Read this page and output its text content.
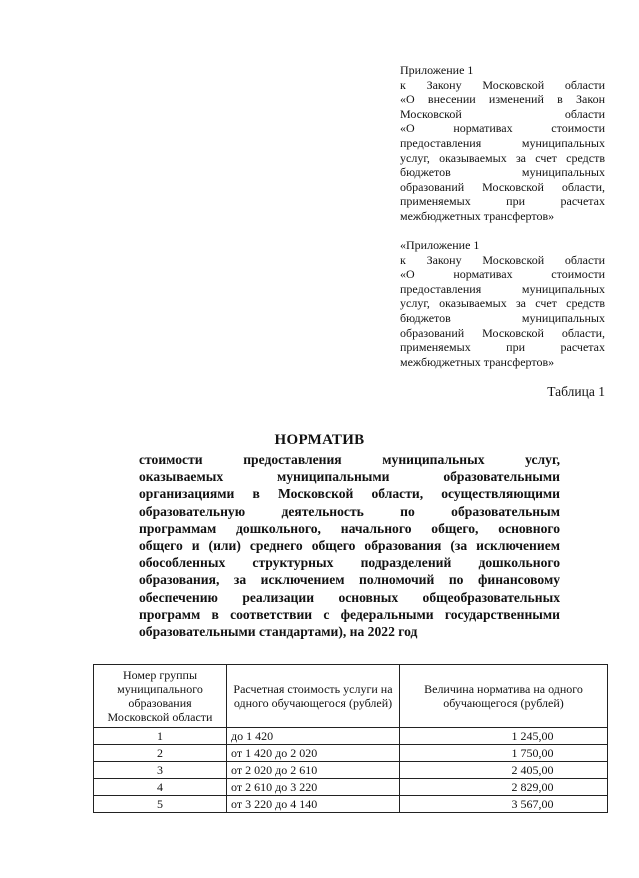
Приложение 1

к Закону Московской области

«О внесении изменений в Закон

Московской области

«О нормативах стоимости

предоставления муниципальных

услуг, оказываемых за счет средств

бюджетов муниципальных

образований Московской области,

применяемых при расчетах

межбюджетных трансфертов»

«Приложение 1

к Закону Московской области

«О нормативах стоимости

предоставления муниципальных

услуг, оказываемых за счет средств

бюджетов муниципальных

образований Московской области,

применяемых при расчетах

межбюджетных трансфертов»

Таблица 1
НОРМАТИВ

стоимости предоставления муниципальных услуг,

оказываемых муниципальными образовательными

организациями в Московской области, осуществляющими

образовательную деятельность по образовательным

программам дошкольного, начального общего, основного

общего и (или) среднего общего образования (за исключением

обособленных структурных подразделений дошкольного

образования, за исключением полномочий по финансовому

обеспечению реализации основных общеобразовательных

программ в соответствии с федеральными государственными

образовательными стандартами), на 2022 год

Номер группы муниципального образования Московской области	Расчетная стоимость услуги на одного обучающегося (рублей)	Величина норматива на одного обучающегося (рублей)
1	до 1 420	1 245,00
2	от 1 420 до 2 020	1 750,00
3	от 2 020 до 2 610	2 405,00
4	от 2 610 до 3 220	2 829,00
5	от 3 220 до 4 140	3 567,00
